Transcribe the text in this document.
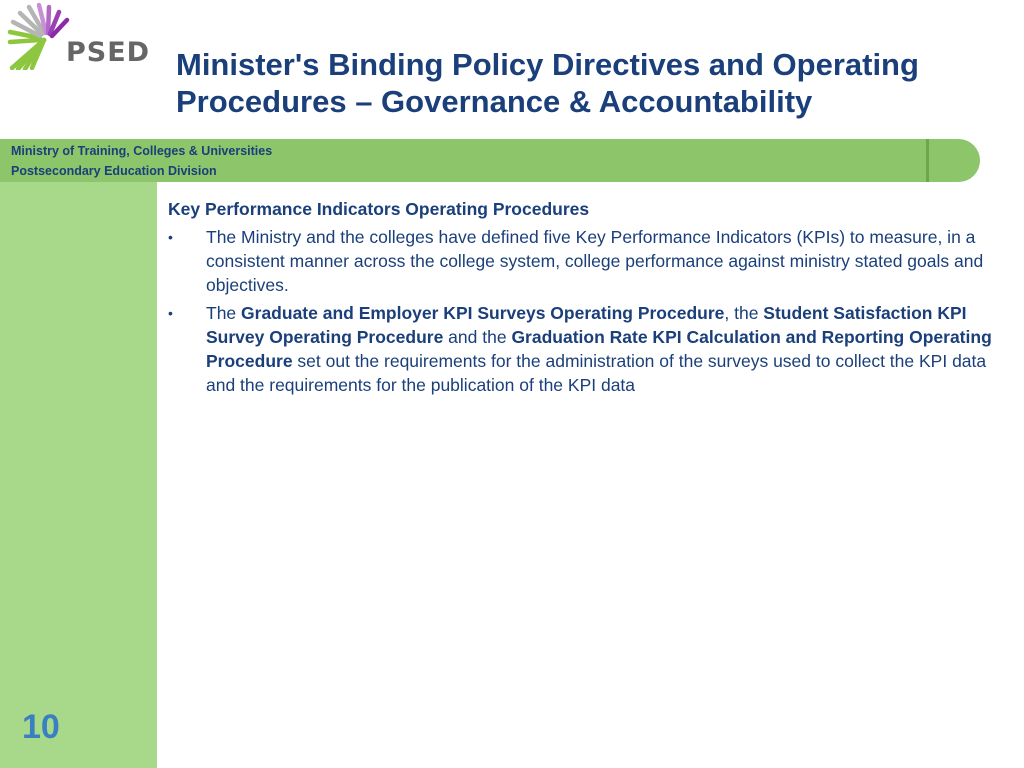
PSED Minister's Binding Policy Directives and Operating
Procedures – Governance & Accountability
Ministry of Training, Colleges & Universities
Postsecondary Education Division
10
Key Performance Indicators Operating Procedures
•	The Ministry and the colleges have defined five Key Performance Indicators (KPIs) to measure, in a consistent manner across the college system, college performance against ministry stated goals and objectives.
•	The Graduate and Employer KPI Surveys Operating Procedure, the Student Satisfaction KPI Survey Operating Procedure and the Graduation Rate KPI Calculation and Reporting Operating Procedure set out the requirements for the administration of the surveys used to collect the KPI data and the requirements for the publication of the KPI data
